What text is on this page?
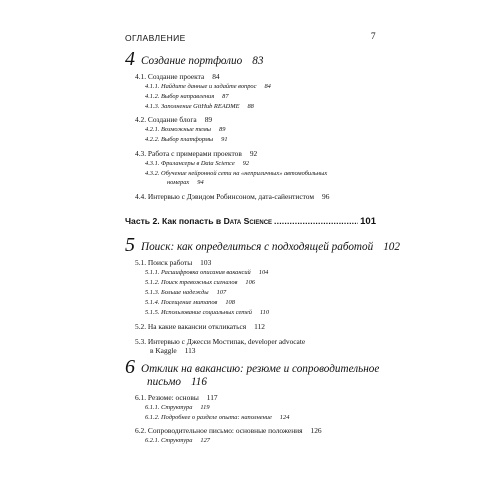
ОГЛАВЛЕНИЕ	7
4 Создание портфолио 83
4.1. Создание проекта 84
4.1.1. Найдите данные и задайте вопрос 84
4.1.2. Выбор направления 87
4.1.3. Заполнение GitHub README 88
4.2. Создание блога 89
4.2.1. Возможные темы 89
4.2.2. Выбор платформы 91
4.3. Работа с примерами проектов 92
4.3.1. Фрилансеры в Data Science 92
4.3.2. Обучение нейронной сети на «неприличных» автомобильных
номерах 94
4.4. Интервью с Дэвидом Робинсоном, дата-сайентистом 96
Часть 2. Как попасть в Data Science
.....	101
5 Поиск: как определиться с подходящей работой 102
5.1. Поиск работы 103
5.1.1. Расшифровка описания вакансий 104
5.1.2. Поиск тревожных сигналов 106
5.1.3. Больше надежды 107
5.1.4. Посещение митапов 108
5.1.5. Использование социальных сетей 110
5.2. На какие вакансии откликаться 112
5.3. Интервью с Джесси Мостипак, developer advocate
в Kaggle 113
6 Отклик на вакансию: резюме и сопроводительное
письмо 116
6.1. Резюме: основы 117
6.1.1. Структура 119
6.1.2. Подробнее о разделе опыта: наполнение 124
6.2. Сопроводительное письмо: основные положения 126
6.2.1. Структура 127
